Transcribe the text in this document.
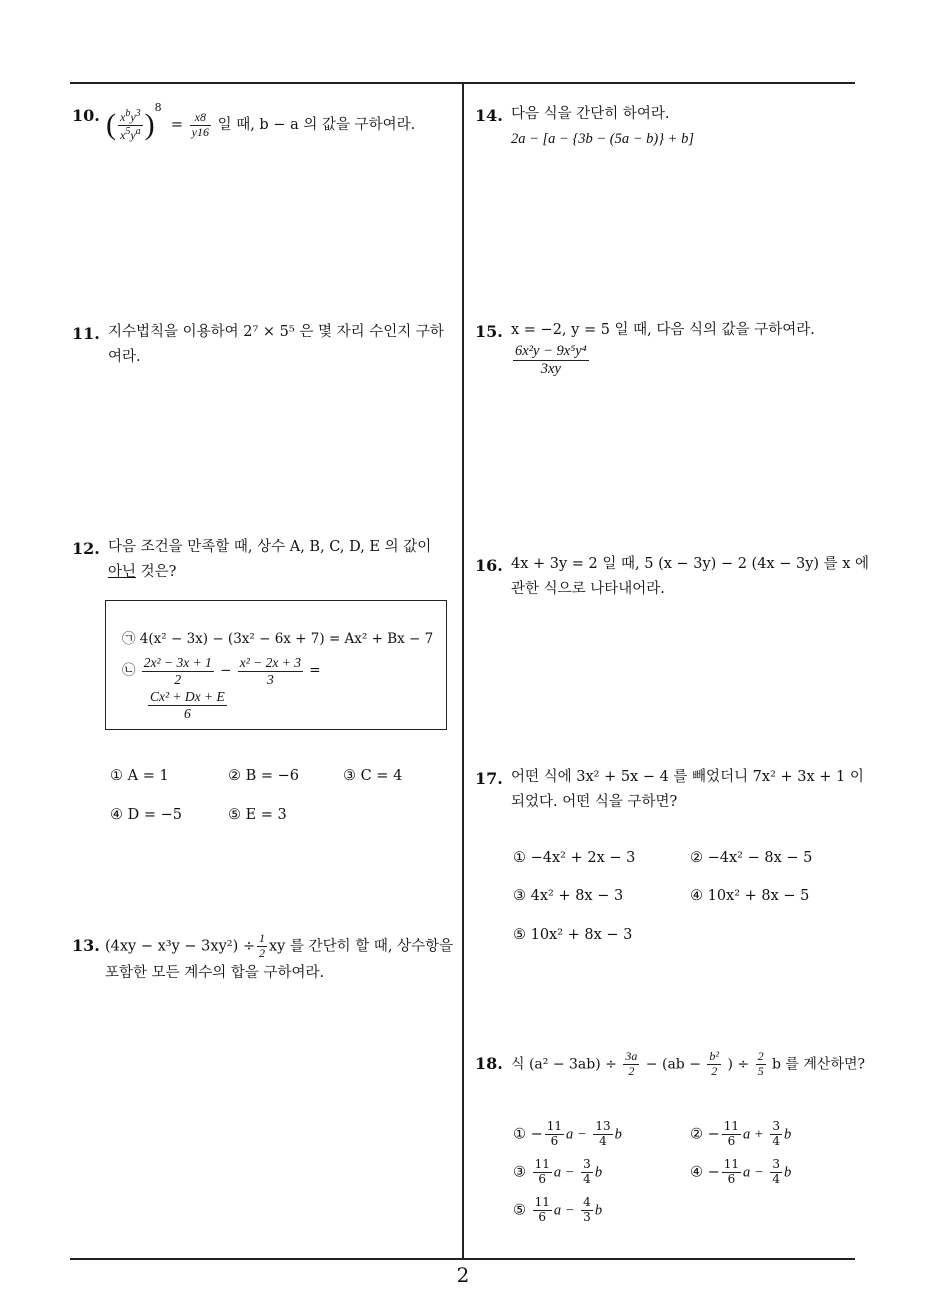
10. ( $\frac{x^by^3}{x^5y^a} )^8 = \frac{x8}{y16}$ 일 때, b − a 의 값을 구하여라.
11. 지수법칙을 이용하여 2⁷ × 5⁵ 은 몇 자리 수인지 구하
여라.
12. 다음 조건을 만족할 때, 상수 A, B, C, D, E 의 값이
아닌 것은?
㉠ 4(x² − 3x) − (3x² − 6x + 7) = Ax² + Bx − 7
㉡ $\frac{\text{2x² − 3x + 1}}{2} - \frac{\text{x² − 2x + 3}}{3}$ =
$\frac{\text{Cx² + Dx + E}}{6}$
① A = 1	② B = −6	③ C = 4
④ D = −5	⑤ E = 3
13. $(4xy - x^3y - 3xy^2) \div \frac{1}{2}$ xy 를 간단히 할 때, 상수항을
포함한 모든 계수의 합을 구하여라.
14. 다음 식을 간단히 하여라.
2a − [a − {3b − (5a − b)} + b]
15. x = −2, y = 5 일 때, 다음 식의 값을 구하여라.
$\frac{\text{6x²y − 9x⁵y⁴}}{3xy}$
16. 4x + 3y = 2 일 때, 5 (x − 3y) − 2 (4x − 3y) 를 x 에
관한 식으로 나타내어라.
17. 어떤 식에 3x² + 5x − 4 를 빼었더니 7x² + 3x + 1 이
되었다. 어떤 식을 구하면?
① −4x² + 2x − 3	② −4x² − 8x − 5
③ 4x² + 8x − 3	④ 10x² + 8x − 5
⑤ 10x² + 8x − 3
18. 식 $(a^2 - 3ab) \div \frac{3a}{2} - (ab - \frac{\text{b²}}{2}$ ) ÷ $\frac{2}{5}$ b 를 계산하면?
① − $\frac{11}{6}$ $a - \frac{13}{4}$ b	② − $\frac{11}{6}$ $a + \frac{3}{4}$ b
③ $\frac{11}{6}$ $a - \frac{3}{4}$ b	④ − $\frac{11}{6}$ $a - \frac{3}{4}$ b
⑤ $\frac{11}{6}$ $a - \frac{4}{3}$ b
2
